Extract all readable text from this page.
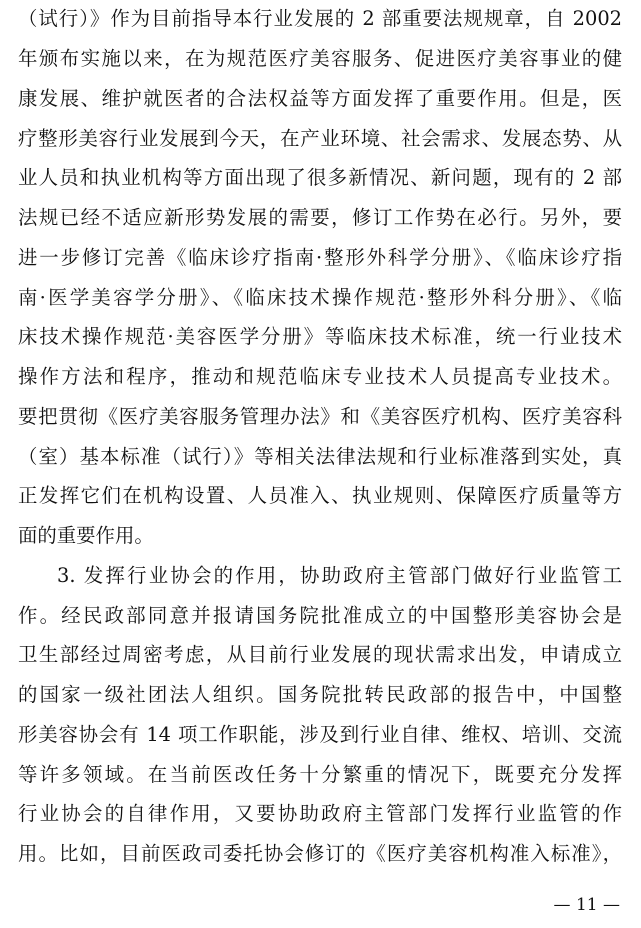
（试行）》作为目前指导本行业发展的 2 部重要法规规章，自 2002
年颁布实施以来，在为规范医疗美容服务、促进医疗美容事业的健
康发展、维护就医者的合法权益等方面发挥了重要作用。但是，医
疗整形美容行业发展到今天，在产业环境、社会需求、发展态势、从
业人员和执业机构等方面出现了很多新情况、新问题，现有的 2 部
法规已经不适应新形势发展的需要，修订工作势在必行。另外，要
进一步修订完善《临床诊疗指南·整形外科学分册》、《临床诊疗指
南·医学美容学分册》、《临床技术操作规范·整形外科分册》、《临
床技术操作规范·美容医学分册》等临床技术标准，统一行业技术
操作方法和程序，推动和规范临床专业技术人员提高专业技术。
要把贯彻《医疗美容服务管理办法》和《美容医疗机构、医疗美容科
（室）基本标准（试行）》等相关法律法规和行业标准落到实处，真
正发挥它们在机构设置、人员准入、执业规则、保障医疗质量等方
面的重要作用。
3. 发挥行业协会的作用，协助政府主管部门做好行业监管工
作。经民政部同意并报请国务院批准成立的中国整形美容协会是
卫生部经过周密考虑，从目前行业发展的现状需求出发，申请成立
的国家一级社团法人组织。国务院批转民政部的报告中，中国整
形美容协会有 14 项工作职能，涉及到行业自律、维权、培训、交流
等许多领域。在当前医改任务十分繁重的情况下，既要充分发挥
行业协会的自律作用，又要协助政府主管部门发挥行业监管的作
用。比如，目前医政司委托协会修订的《医疗美容机构准入标准》，
— 11 —
